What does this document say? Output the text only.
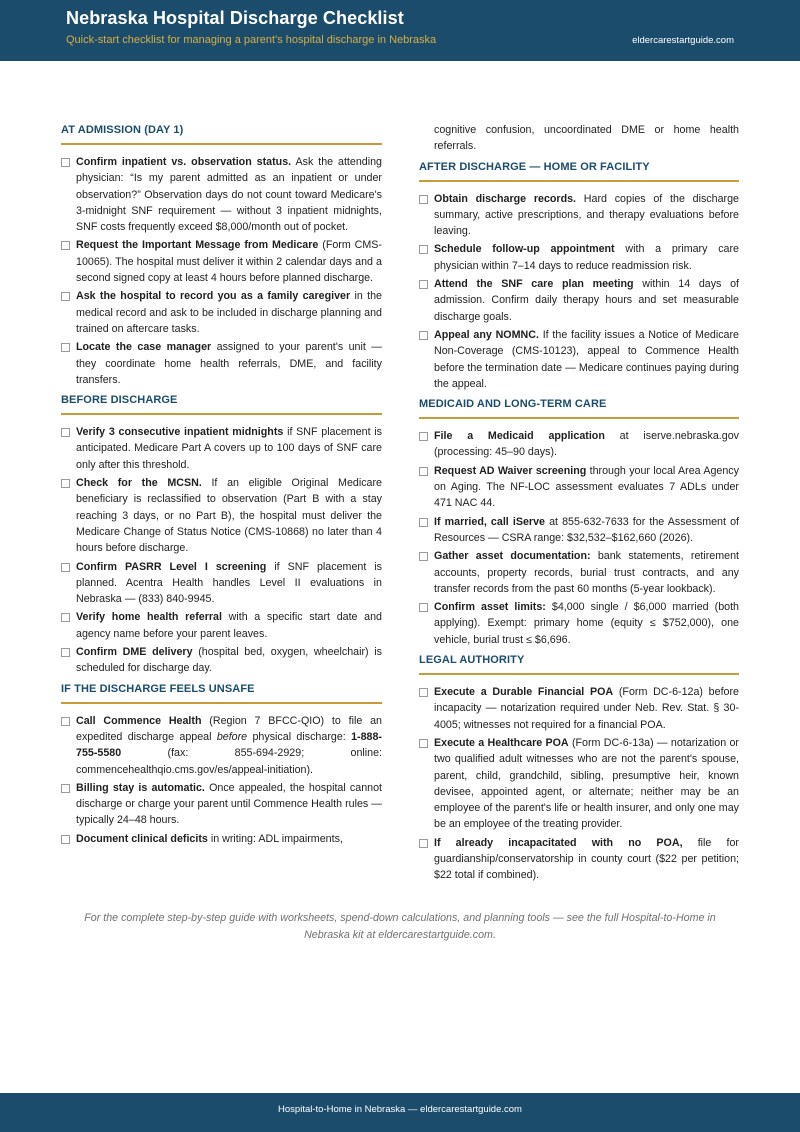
Nebraska Hospital Discharge Checklist
Quick-start checklist for managing a parent's hospital discharge in Nebraska	eldercarestartguide.com
AT ADMISSION (DAY 1)
Confirm inpatient vs. observation status. Ask the attending physician: “Is my parent admitted as an inpatient or under observation?” Observation days do not count toward Medicare's 3-midnight SNF requirement — without 3 inpatient midnights, SNF costs frequently exceed $8,000/month out of pocket.
Request the Important Message from Medicare (Form CMS-10065). The hospital must deliver it within 2 calendar days and a second signed copy at least 4 hours before planned discharge.
Ask the hospital to record you as a family caregiver in the medical record and ask to be included in discharge planning and trained on aftercare tasks.
Locate the case manager assigned to your parent's unit — they coordinate home health referrals, DME, and facility transfers.
BEFORE DISCHARGE
Verify 3 consecutive inpatient midnights if SNF placement is anticipated. Medicare Part A covers up to 100 days of SNF care only after this threshold.
Check for the MCSN. If an eligible Original Medicare beneficiary is reclassified to observation (Part B with a stay reaching 3 days, or no Part B), the hospital must deliver the Medicare Change of Status Notice (CMS-10868) no later than 4 hours before discharge.
Confirm PASRR Level I screening if SNF placement is planned. Acentra Health handles Level II evaluations in Nebraska — (833) 840-9945.
Verify home health referral with a specific start date and agency name before your parent leaves.
Confirm DME delivery (hospital bed, oxygen, wheelchair) is scheduled for discharge day.
IF THE DISCHARGE FEELS UNSAFE
Call Commence Health (Region 7 BFCC-QIO) to file an expedited discharge appeal before physical discharge: 1-888-755-5580 (fax: 855-694-2929; online: commencehealthqio.cms.gov/es/appeal-initiation).
Billing stay is automatic. Once appealed, the hospital cannot discharge or charge your parent until Commence Health rules — typically 24–48 hours.
Document clinical deficits in writing: ADL impairments,
cognitive confusion, uncoordinated DME or home health referrals.
AFTER DISCHARGE — HOME OR FACILITY
Obtain discharge records. Hard copies of the discharge summary, active prescriptions, and therapy evaluations before leaving.
Schedule follow-up appointment with a primary care physician within 7–14 days to reduce readmission risk.
Attend the SNF care plan meeting within 14 days of admission. Confirm daily therapy hours and set measurable discharge goals.
Appeal any NOMNC. If the facility issues a Notice of Medicare Non-Coverage (CMS-10123), appeal to Commence Health before the termination date — Medicare continues paying during the appeal.
MEDICAID AND LONG-TERM CARE
File a Medicaid application at iserve.nebraska.gov (processing: 45–90 days).
Request AD Waiver screening through your local Area Agency on Aging. The NF-LOC assessment evaluates 7 ADLs under 471 NAC 44.
If married, call iServe at 855-632-7633 for the Assessment of Resources — CSRA range: $32,532–$162,660 (2026).
Gather asset documentation: bank statements, retirement accounts, property records, burial trust contracts, and any transfer records from the past 60 months (5-year lookback).
Confirm asset limits: $4,000 single / $6,000 married (both applying). Exempt: primary home (equity ≤ $752,000), one vehicle, burial trust ≤ $6,696.
LEGAL AUTHORITY
Execute a Durable Financial POA (Form DC-6-12a) before incapacity — notarization required under Neb. Rev. Stat. § 30-4005; witnesses not required for a financial POA.
Execute a Healthcare POA (Form DC-6-13a) — notarization or two qualified adult witnesses who are not the parent's spouse, parent, child, grandchild, sibling, presumptive heir, known devisee, appointed agent, or alternate; neither may be an employee of the parent's life or health insurer, and only one may be an employee of the treating provider.
If already incapacitated with no POA, file for guardianship/conservatorship in county court ($22 per petition; $22 total if combined).
For the complete step-by-step guide with worksheets, spend-down calculations, and planning tools — see the full Hospital-to-Home in Nebraska kit at eldercarestartguide.com.
Hospital-to-Home in Nebraska — eldercarestartguide.com
